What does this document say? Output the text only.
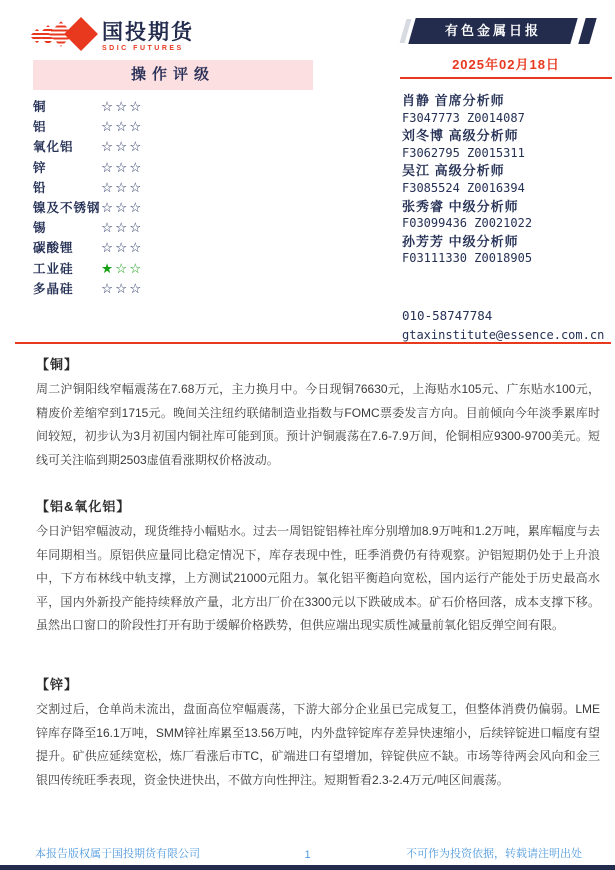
国投期货
SDIC FUTURES
有色金属日报
2025年02月18日
操作评级
铜	☆☆☆
铝	☆☆☆
氧化铝	☆☆☆
锌	☆☆☆
铅	☆☆☆
镍及不锈钢 ☆☆☆
锡	☆☆☆
碳酸锂	☆☆☆
工业硅	★☆☆
多晶硅	☆☆☆
肖静 首席分析师
F3047773 Z0014087
刘冬博 高级分析师
F3062795 Z0015311
吴江 高级分析师
F3085524 Z0016394
张秀睿 中级分析师
F03099436 Z0021022
孙芳芳 中级分析师
F03111330 Z0018905
010-58747784
gtaxinstitute@essence.com.cn
【铜】

周二沪铜阳线窄幅震荡在7.68万元，主力换月中。今日现铜76630元，上海贴水105元、广东贴水100元，精废价差缩窄到1715元。晚间关注纽约联储制造业指数与FOMC票委发言方向。目前倾向今年淡季累库时间较短，初步认为3月初国内铜社库可能到顶。预计沪铜震荡在7.6-7.9万间，伦铜相应9300-9700美元。短线可关注临到期2503虚值看涨期权价格波动。

【铝&氧化铝】

今日沪铝窄幅波动，现货维持小幅贴水。过去一周铝锭铝棒社库分别增加8.9万吨和1.2万吨，累库幅度与去年同期相当。原铝供应量同比稳定情况下，库存表现中性，旺季消费仍有待观察。沪铝短期仍处于上升浪中，下方布林线中轨支撑，上方测试21000元阻力。氧化铝平衡趋向宽松，国内运行产能处于历史最高水平，国内外新投产能持续释放产量，北方出厂价在3300元以下跌破成本。矿石价格回落，成本支撑下移。虽然出口窗口的阶段性打开有助于缓解价格跌势，但供应端出现实质性减量前氧化铝反弹空间有限。

【锌】

交割过后，仓单尚未流出，盘面高位窄幅震荡，下游大部分企业虽已完成复工，但整体消费仍偏弱。LME锌库存降至16.1万吨，SMM锌社库累至13.56万吨，内外盘锌锭库存差异快速缩小，后续锌锭进口幅度有望提升。矿供应延续宽松，炼厂看涨后市TC，矿端进口有望增加，锌锭供应不缺。市场等待两会风向和金三银四传统旺季表现，资金快进快出，不做方向性押注。短期暂看2.3-2.4万元/吨区间震荡。

本报告版权属于国投期货有限公司	1	不可作为投资依据，转载请注明出处
